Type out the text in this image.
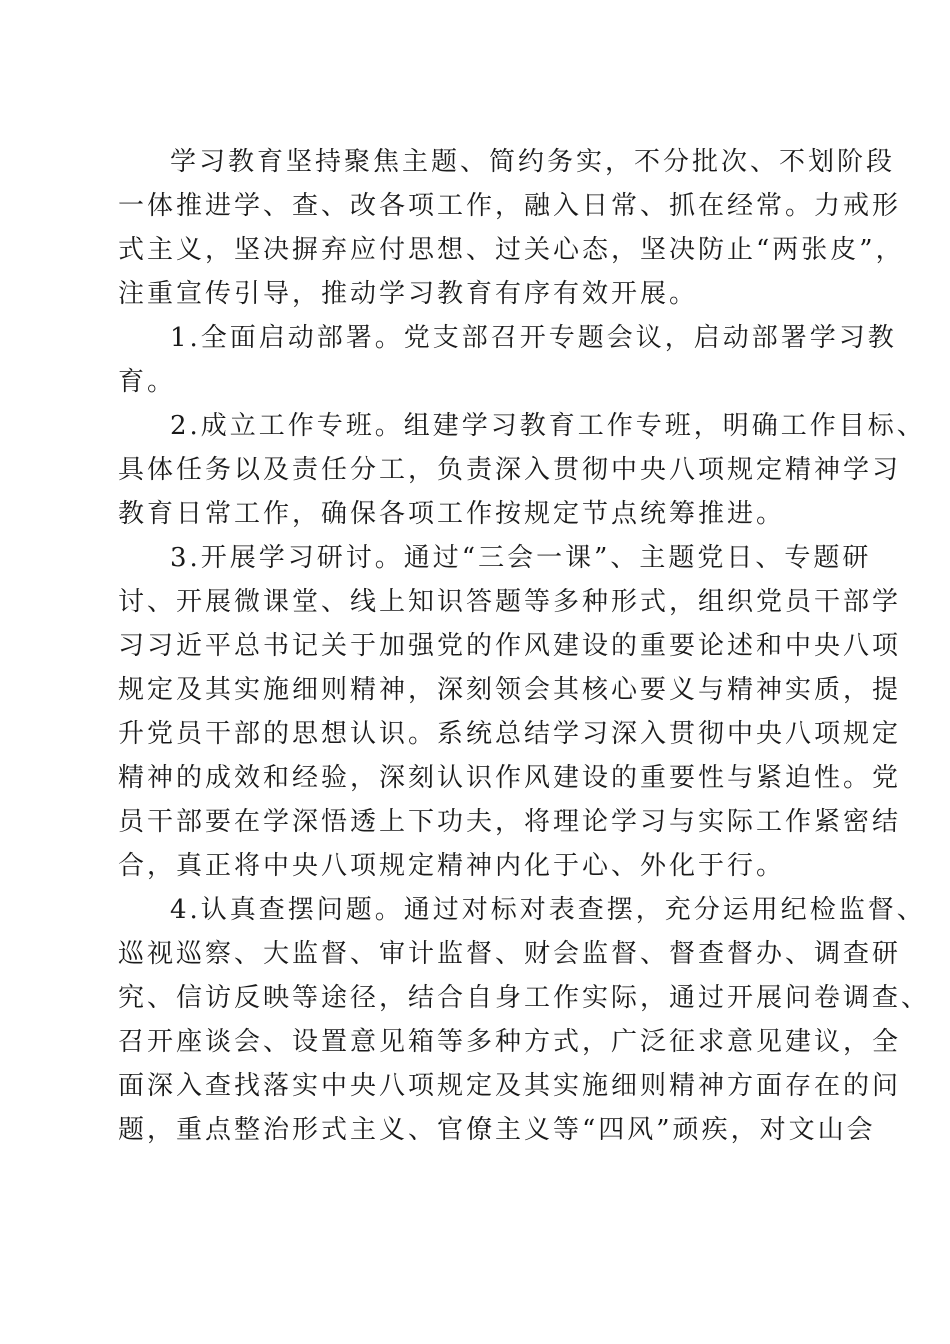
学习教育坚持聚焦主题、简约务实，不分批次、不划阶段
一体推进学、查、改各项工作，融入日常、抓在经常。力戒形
式主义，坚决摒弃应付思想、过关心态，坚决防止“两张皮”，
注重宣传引导，推动学习教育有序有效开展。
1.全面启动部署。党支部召开专题会议，启动部署学习教
育。
2.成立工作专班。组建学习教育工作专班，明确工作目标、
具体任务以及责任分工，负责深入贯彻中央八项规定精神学习
教育日常工作，确保各项工作按规定节点统筹推进。
3.开展学习研讨。通过“三会一课”、主题党日、专题研
讨、开展微课堂、线上知识答题等多种形式，组织党员干部学
习习近平总书记关于加强党的作风建设的重要论述和中央八项
规定及其实施细则精神，深刻领会其核心要义与精神实质，提
升党员干部的思想认识。系统总结学习深入贯彻中央八项规定
精神的成效和经验，深刻认识作风建设的重要性与紧迫性。党
员干部要在学深悟透上下功夫，将理论学习与实际工作紧密结
合，真正将中央八项规定精神内化于心、外化于行。
4.认真查摆问题。通过对标对表查摆，充分运用纪检监督、
巡视巡察、大监督、审计监督、财会监督、督查督办、调查研
究、信访反映等途径，结合自身工作实际，通过开展问卷调查、
召开座谈会、设置意见箱等多种方式，广泛征求意见建议，全
面深入查找落实中央八项规定及其实施细则精神方面存在的问
题，重点整治形式主义、官僚主义等“四风”顽疾，对文山会
